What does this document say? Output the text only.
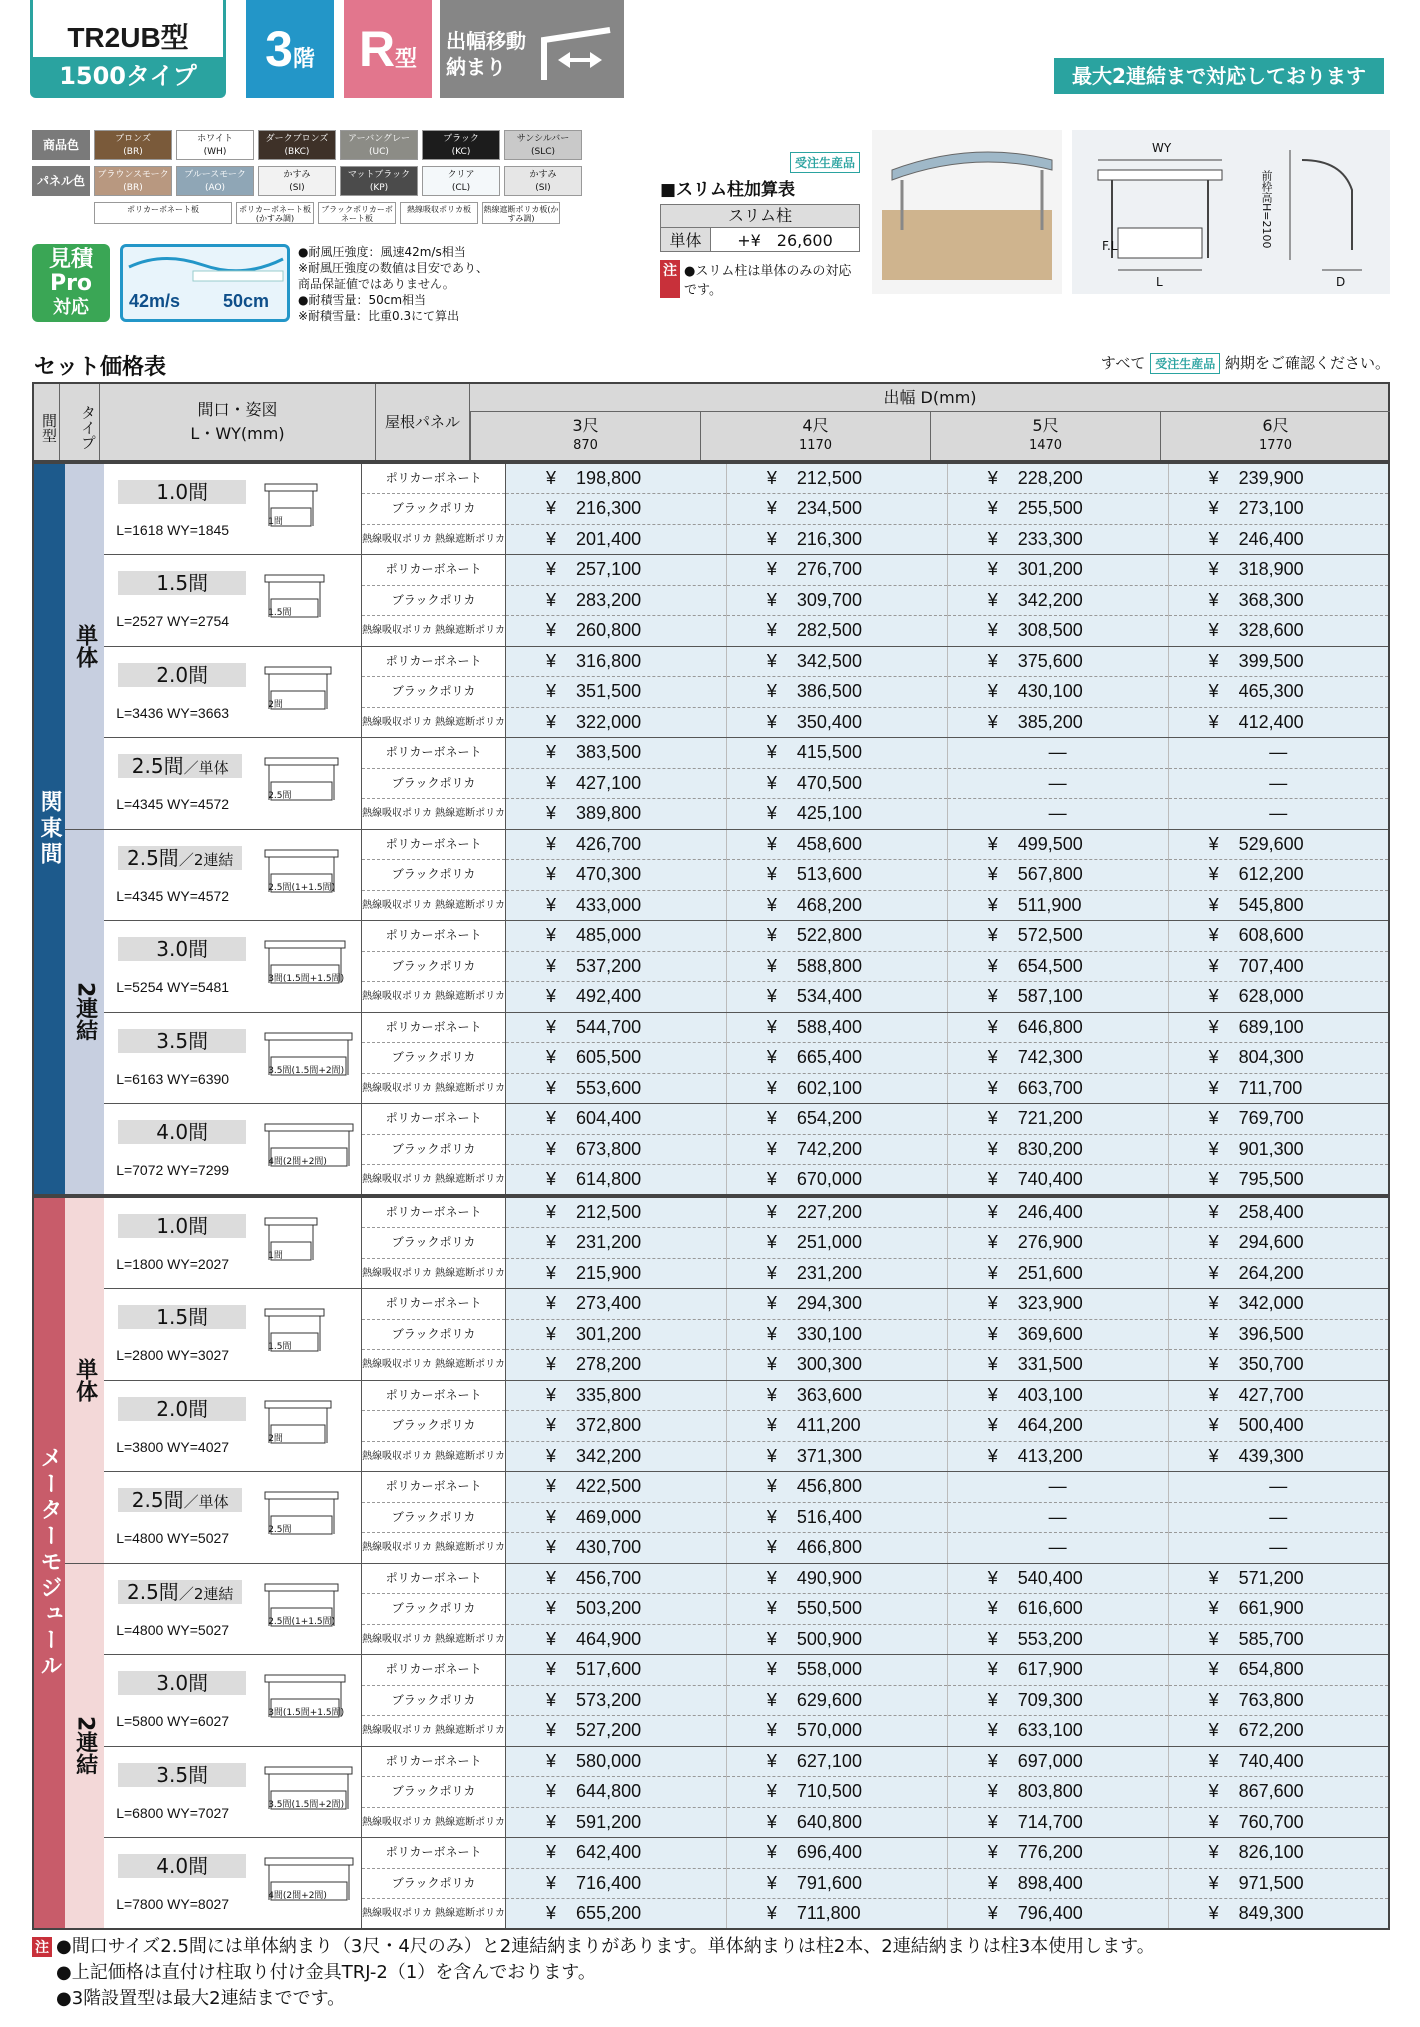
TR2UB型
1500タイプ	3階 R型
出幅移動納まり	最大2連結まで対応しております
商品色
パネル色
ブロンズ
(BR)
ホワイト
(WH)
ダークブロンズ
(BKC)
アーバングレー
(UC)
ブラック
(KC)
サンシルバー
(SLC)
ブラウンスモーク
(BR)
ブルースモーク
(AO)
かすみ
(SI)
マットブラック
(KP)
クリア
(CL)
かすみ
(SI)
ポリカーボネート板	ポリカーボネート板(かすみ調)
ブラックポリカーボネート板
熱線吸収ポリカ板	熱線遮断ポリカ板(かすみ調)
見積
Pro
対応	42m/s 50cm
●耐風圧強度：風速42m/s相当
※耐風圧強度の数値は目安であり、
商品保証値ではありません。
●耐積雪量：50cm相当
※耐積雪量：比重0.3にて算出
受注生産品
■スリム柱加算表
スリム柱
単体	+¥　26,600
注 ●スリム柱は単体のみの対応です。
WY
F.L
L	D
前枠高H=2100
セット価格表	すべて 受注生産品 納期をご確認ください。
間型	タイプ	間口・姿図
L・WY(mm)
屋根パネル
出幅 D(mm)
3尺
870
4尺
1170
5尺
1470
6尺
1770
関東間	単体	1.0間
L=1618 WY=1845 1間	ポリカーボネート	¥ 198,800	¥ 212,500	¥ 228,200	¥ 239,900
			ブラックポリカ	¥ 216,300	¥ 234,500	¥ 255,500	¥ 273,100
			熱線吸収ポリカ 熱線遮断ポリカ	¥ 201,400	¥ 216,300	¥ 233,300	¥ 246,400

		1.5間
L=2527 WY=2754 1.5間	ポリカーボネート	¥ 257,100	¥ 276,700	¥ 301,200	¥ 318,900
			ブラックポリカ	¥ 283,200	¥ 309,700	¥ 342,200	¥ 368,300
			熱線吸収ポリカ 熱線遮断ポリカ	¥ 260,800	¥ 282,500	¥ 308,500	¥ 328,600

		2.0間
L=3436 WY=3663 2間	ポリカーボネート	¥ 316,800	¥ 342,500	¥ 375,600	¥ 399,500
			ブラックポリカ	¥ 351,500	¥ 386,500	¥ 430,100	¥ 465,300
			熱線吸収ポリカ 熱線遮断ポリカ	¥ 322,000	¥ 350,400	¥ 385,200	¥ 412,400

		2.5間／単体
L=4345 WY=4572 2.5間	ポリカーボネート	¥ 383,500	¥ 415,500	—	—
			ブラックポリカ	¥ 427,100	¥ 470,500	—	—
			熱線吸収ポリカ 熱線遮断ポリカ	¥ 389,800	¥ 425,100	—	—

	2連結	2.5間／2連結
L=4345 WY=4572 2.5間(1+1.5間)	ポリカーボネート	¥ 426,700	¥ 458,600	¥ 499,500	¥ 529,600
			ブラックポリカ	¥ 470,300	¥ 513,600	¥ 567,800	¥ 612,200
			熱線吸収ポリカ 熱線遮断ポリカ	¥ 433,000	¥ 468,200	¥ 511,900	¥ 545,800

		3.0間
L=5254 WY=5481 3間(1.5間+1.5間)	ポリカーボネート	¥ 485,000	¥ 522,800	¥ 572,500	¥ 608,600
			ブラックポリカ	¥ 537,200	¥ 588,800	¥ 654,500	¥ 707,400
			熱線吸収ポリカ 熱線遮断ポリカ	¥ 492,400	¥ 534,400	¥ 587,100	¥ 628,000

		3.5間
L=6163 WY=6390 3.5間(1.5間+2間)	ポリカーボネート	¥ 544,700	¥ 588,400	¥ 646,800	¥ 689,100
			ブラックポリカ	¥ 605,500	¥ 665,400	¥ 742,300	¥ 804,300
			熱線吸収ポリカ 熱線遮断ポリカ	¥ 553,600	¥ 602,100	¥ 663,700	¥ 711,700

		4.0間
L=7072 WY=7299 4間(2間+2間)	ポリカーボネート	¥ 604,400	¥ 654,200	¥ 721,200	¥ 769,700
			ブラックポリカ	¥ 673,800	¥ 742,200	¥ 830,200	¥ 901,300
			熱線吸収ポリカ 熱線遮断ポリカ	¥ 614,800	¥ 670,000	¥ 740,400	¥ 795,500
メーターモジュール	単体	1.0間
L=1800 WY=2027 1間	ポリカーボネート	¥ 212,500	¥ 227,200	¥ 246,400	¥ 258,400
			ブラックポリカ	¥ 231,200	¥ 251,000	¥ 276,900	¥ 294,600
			熱線吸収ポリカ 熱線遮断ポリカ	¥ 215,900	¥ 231,200	¥ 251,600	¥ 264,200

		1.5間
L=2800 WY=3027 1.5間	ポリカーボネート	¥ 273,400	¥ 294,300	¥ 323,900	¥ 342,000
			ブラックポリカ	¥ 301,200	¥ 330,100	¥ 369,600	¥ 396,500
			熱線吸収ポリカ 熱線遮断ポリカ	¥ 278,200	¥ 300,300	¥ 331,500	¥ 350,700

		2.0間
L=3800 WY=4027 2間	ポリカーボネート	¥ 335,800	¥ 363,600	¥ 403,100	¥ 427,700
			ブラックポリカ	¥ 372,800	¥ 411,200	¥ 464,200	¥ 500,400
			熱線吸収ポリカ 熱線遮断ポリカ	¥ 342,200	¥ 371,300	¥ 413,200	¥ 439,300

		2.5間／単体
L=4800 WY=5027 2.5間	ポリカーボネート	¥ 422,500	¥ 456,800	—	—
			ブラックポリカ	¥ 469,000	¥ 516,400	—	—
			熱線吸収ポリカ 熱線遮断ポリカ	¥ 430,700	¥ 466,800	—	—

	2連結	2.5間／2連結
L=4800 WY=5027 2.5間(1+1.5間)	ポリカーボネート	¥ 456,700	¥ 490,900	¥ 540,400	¥ 571,200
			ブラックポリカ	¥ 503,200	¥ 550,500	¥ 616,600	¥ 661,900
			熱線吸収ポリカ 熱線遮断ポリカ	¥ 464,900	¥ 500,900	¥ 553,200	¥ 585,700

		3.0間
L=5800 WY=6027 3間(1.5間+1.5間)	ポリカーボネート	¥ 517,600	¥ 558,000	¥ 617,900	¥ 654,800
			ブラックポリカ	¥ 573,200	¥ 629,600	¥ 709,300	¥ 763,800
			熱線吸収ポリカ 熱線遮断ポリカ	¥ 527,200	¥ 570,000	¥ 633,100	¥ 672,200

		3.5間
L=6800 WY=7027 3.5間(1.5間+2間)	ポリカーボネート	¥ 580,000	¥ 627,100	¥ 697,000	¥ 740,400
			ブラックポリカ	¥ 644,800	¥ 710,500	¥ 803,800	¥ 867,600
			熱線吸収ポリカ 熱線遮断ポリカ	¥ 591,200	¥ 640,800	¥ 714,700	¥ 760,700

		4.0間
L=7800 WY=8027 4間(2間+2間)	ポリカーボネート	¥ 642,400	¥ 696,400	¥ 776,200	¥ 826,100
			ブラックポリカ	¥ 716,400	¥ 791,600	¥ 898,400	¥ 971,500
			熱線吸収ポリカ 熱線遮断ポリカ	¥ 655,200	¥ 711,800	¥ 796,400	¥ 849,300
注 ●間口サイズ2.5間には単体納まり（3尺・4尺のみ）と2連結納まりがあります。単体納まりは柱2本、2連結納まりは柱3本使用します。
●上記価格は直付け柱取り付け金具TRJ-2（1）を含んでおります。
●3階設置型は最大2連結までです。
